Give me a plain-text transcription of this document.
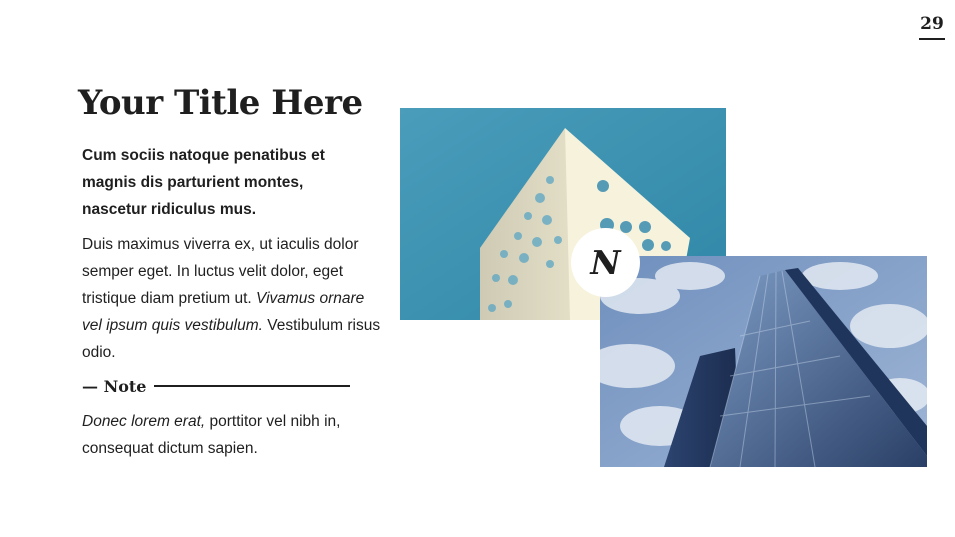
29
Your Title Here

Cum sociis natoque penatibus et magnis dis parturient montes, nascetur ridiculus mus.

Duis maximus viverra ex, ut iaculis dolor semper eget. In luctus velit dolor, eget tristique diam pretium ut. Vivamus ornare vel ipsum quis vestibulum. Vestibulum risus odio.

— Note

Donec lorem erat, porttitor vel nibh in, consequat dictum sapien.

N
